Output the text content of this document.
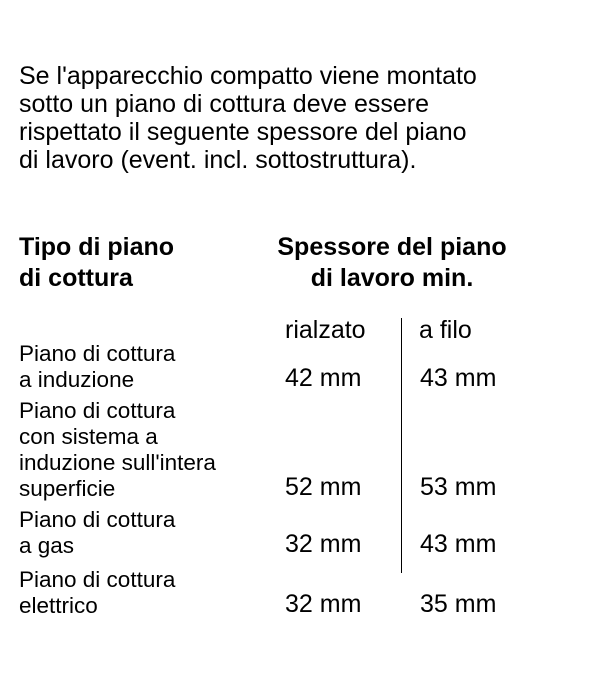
Se l'apparecchio compatto viene montato
sotto un piano di cottura deve essere
rispettato il seguente spessore del piano
di lavoro (event. incl. sottostruttura).

Tipo di piano
di cottura
Spessore del piano
di lavoro min.
rialzato a filo
Piano di cottura
a induzione	42 mm 43 mm
Piano di cottura
con sistema a
induzione sull'intera
superficie	52 mm 53 mm
Piano di cottura
a gas	32 mm 43 mm
Piano di cottura
elettrico	32 mm 35 mm
